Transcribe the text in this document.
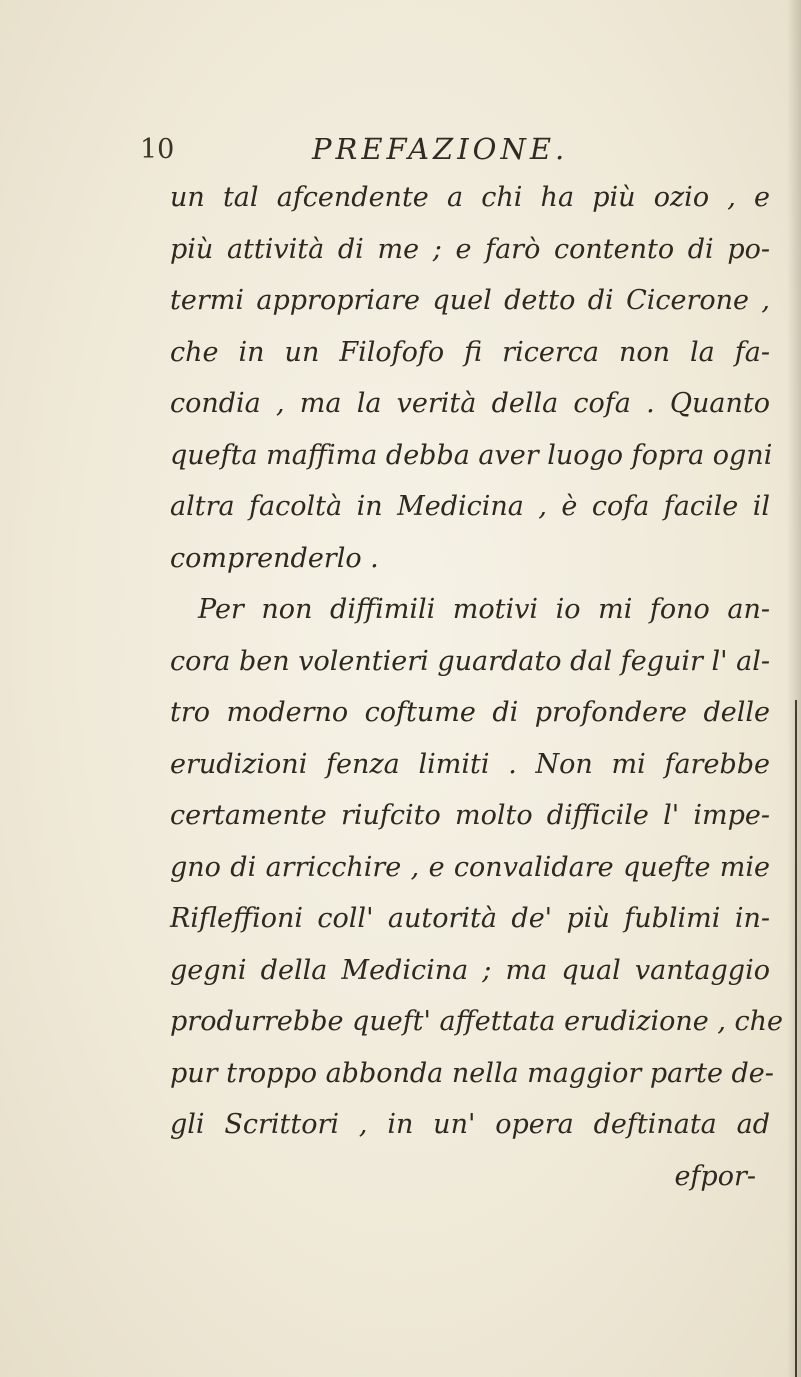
10	PREFAZIONE.
un tal afcendente a chi ha più ozio , e
più attività di me ; e farò contento di po-
termi appropriare quel detto di Cicerone ,
che in un Filofofo fi ricerca non la fa-
condia , ma la verità della cofa . Quanto
quefta maffima debba aver luogo fopra ogni
altra facoltà in Medicina , è cofa facile il
comprenderlo .
Per non diffimili motivi io mi fono an-
cora ben volentieri guardato dal feguir l' al-
tro moderno coftume di profondere delle
erudizioni fenza limiti . Non mi farebbe
certamente riufcito molto difficile l' impe-
gno di arricchire , e convalidare quefte mie
Rifleffioni coll' autorità de' più fublimi in-
gegni della Medicina ; ma qual vantaggio
produrrebbe queft' affettata erudizione , che
pur troppo abbonda nella maggior parte de-
gli Scrittori , in un' opera deftinata ad
efpor-
